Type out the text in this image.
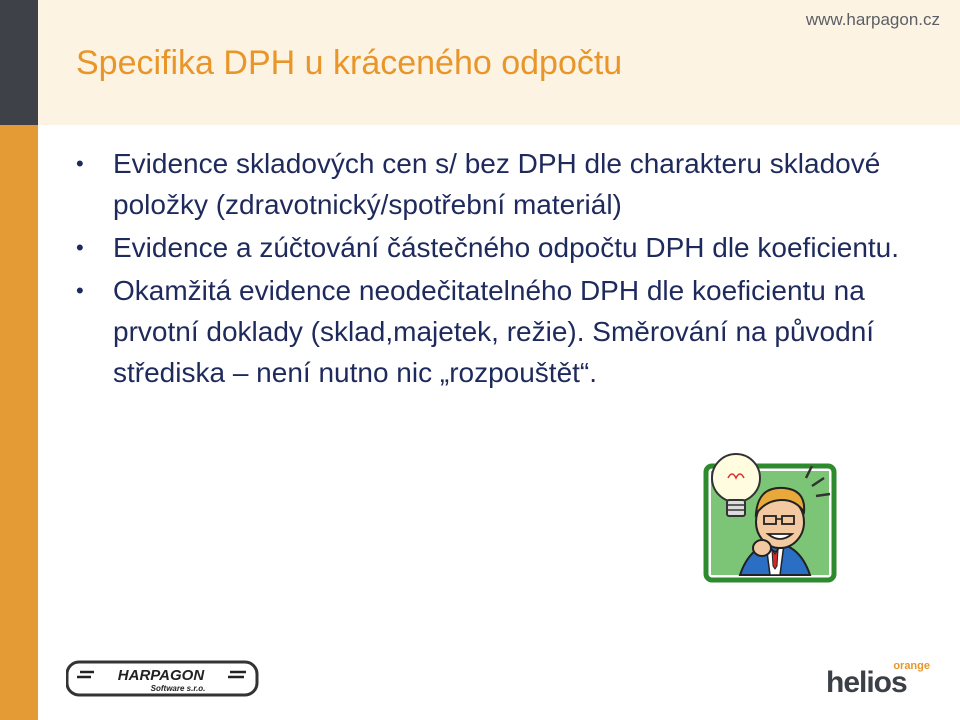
Specifika DPH u kráceného odpočtu
www.harpagon.cz
• Evidence skladových cen s/ bez DPH dle charakteru skladové položky (zdravotnický/spotřební materiál)
• Evidence a zúčtování částečného odpočtu DPH dle koeficientu.
• Okamžitá evidence neodečitatelného DPH dle koeficientu na prvotní doklady (sklad,majetek, režie). Směrování na původní střediska – není nutno nic „rozpouštět“.
HARPAGON
Software s.r.o.
orange
helios
